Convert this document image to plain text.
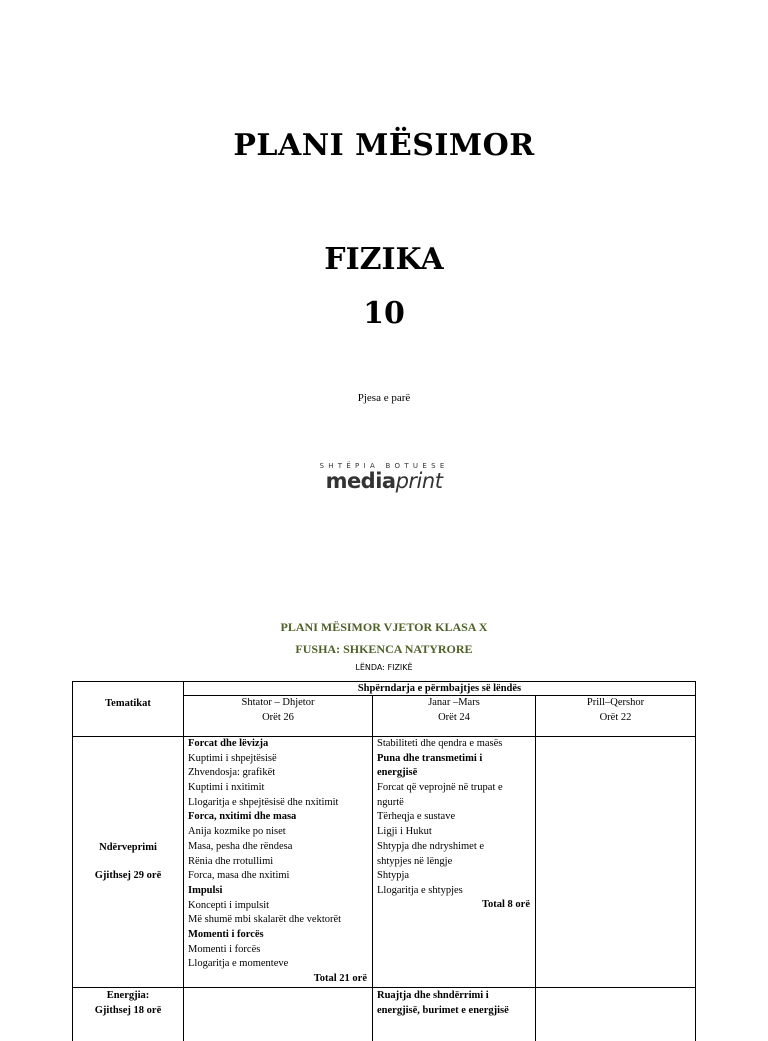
PLANI MËSIMOR
FIZIKA
10
Pjesa e parë
SHTËPIA BOTUESE
mediaprint
PLANI MËSIMOR VJETOR KLASA X
FUSHA: SHKENCA NATYRORE
LËNDA: FIZIKË
Tematikat
Shpërndarja e përmbajtjes së lëndës
Shtator – Dhjetor
Orët 26
Janar –Mars
Orët 24
Prill–Qershor
Orët 22
Ndërveprimi
Gjithsej 29 orë
Forcat dhe lëvizja
Kuptimi i shpejtësisë
Zhvendosja: grafikët
Kuptimi i nxitimit
Llogaritja e shpejtësisë dhe nxitimit
Forca, nxitimi dhe masa
Anija kozmike po niset
Masa, pesha dhe rëndesa
Rënia dhe rrotullimi
Forca, masa dhe nxitimi
Impulsi
Koncepti i impulsit
Më shumë mbi skalarët dhe vektorët
Momenti i forcës
Momenti i forcës
Llogaritja e momenteve
Total 21 orë
Stabiliteti dhe qendra e masës
Puna dhe transmetimi i
energjisë
Forcat që veprojnë në trupat e
ngurtë
Tërheqja e sustave
Ligji i Hukut
Shtypja dhe ndryshimet e
shtypjes në lëngje
Shtypja
Llogaritja e shtypjes
Total 8 orë
Energjia:
Gjithsej 18 orë
Ruajtja dhe shndërrimi i
energjisë, burimet e energjisë
